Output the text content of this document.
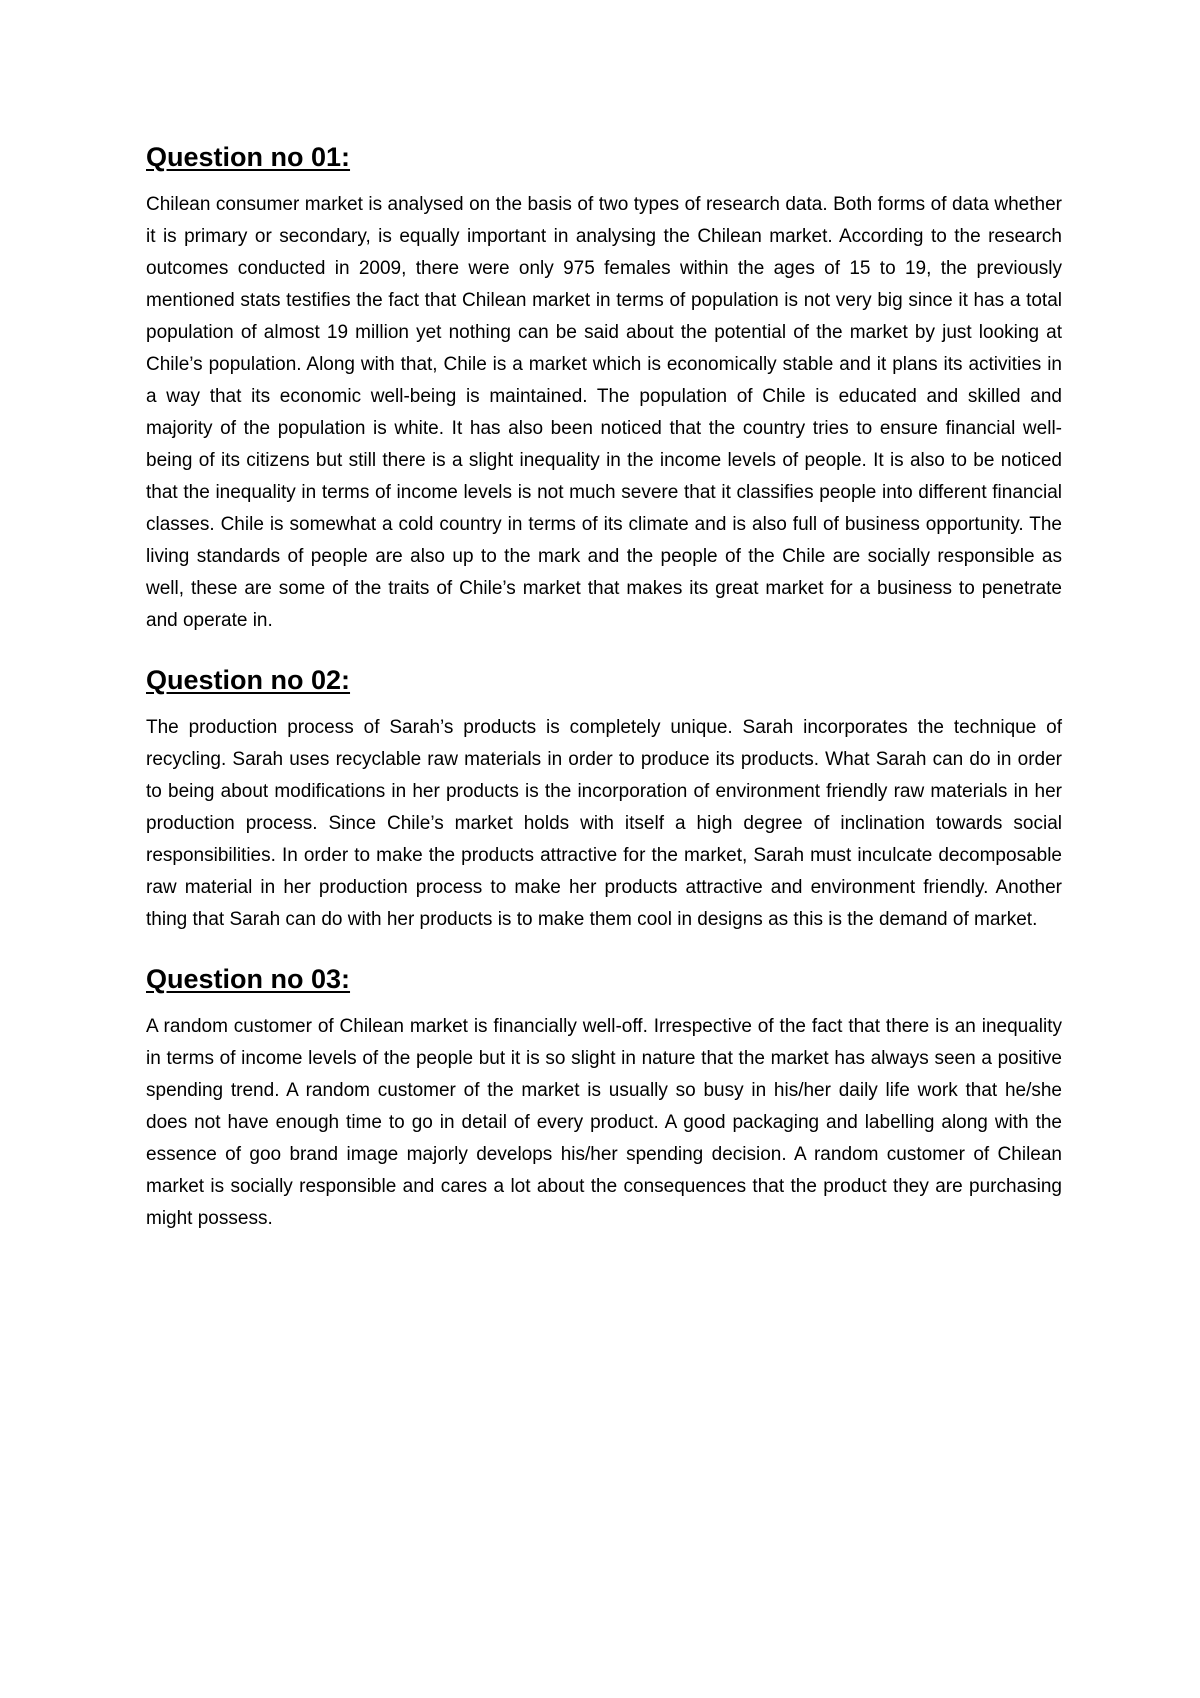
Question no 01:

Chilean consumer market is analysed on the basis of two types of research data. Both forms of data whether it is primary or secondary, is equally important in analysing the Chilean market. According to the research outcomes conducted in 2009, there were only 975 females within the ages of 15 to 19, the previously mentioned stats testifies the fact that Chilean market in terms of population is not very big since it has a total population of almost 19 million yet nothing can be said about the potential of the market by just looking at Chile’s population. Along with that, Chile is a market which is economically stable and it plans its activities in a way that its economic well-being is maintained. The population of Chile is educated and skilled and majority of the population is white. It has also been noticed that the country tries to ensure financial well-being of its citizens but still there is a slight inequality in the income levels of people. It is also to be noticed that the inequality in terms of income levels is not much severe that it classifies people into different financial classes. Chile is somewhat a cold country in terms of its climate and is also full of business opportunity. The living standards of people are also up to the mark and the people of the Chile are socially responsible as well, these are some of the traits of Chile’s market that makes its great market for a business to penetrate and operate in.

Question no 02:

The production process of Sarah’s products is completely unique. Sarah incorporates the technique of recycling. Sarah uses recyclable raw materials in order to produce its products. What Sarah can do in order to being about modifications in her products is the incorporation of environment friendly raw materials in her production process. Since Chile’s market holds with itself a high degree of inclination towards social responsibilities. In order to make the products attractive for the market, Sarah must inculcate decomposable raw material in her production process to make her products attractive and environment friendly. Another thing that Sarah can do with her products is to make them cool in designs as this is the demand of market.

Question no 03:

A random customer of Chilean market is financially well-off. Irrespective of the fact that there is an inequality in terms of income levels of the people but it is so slight in nature that the market has always seen a positive spending trend. A random customer of the market is usually so busy in his/her daily life work that he/she does not have enough time to go in detail of every product. A good packaging and labelling along with the essence of goo brand image majorly develops his/her spending decision. A random customer of Chilean market is socially responsible and cares a lot about the consequences that the product they are purchasing might possess.
